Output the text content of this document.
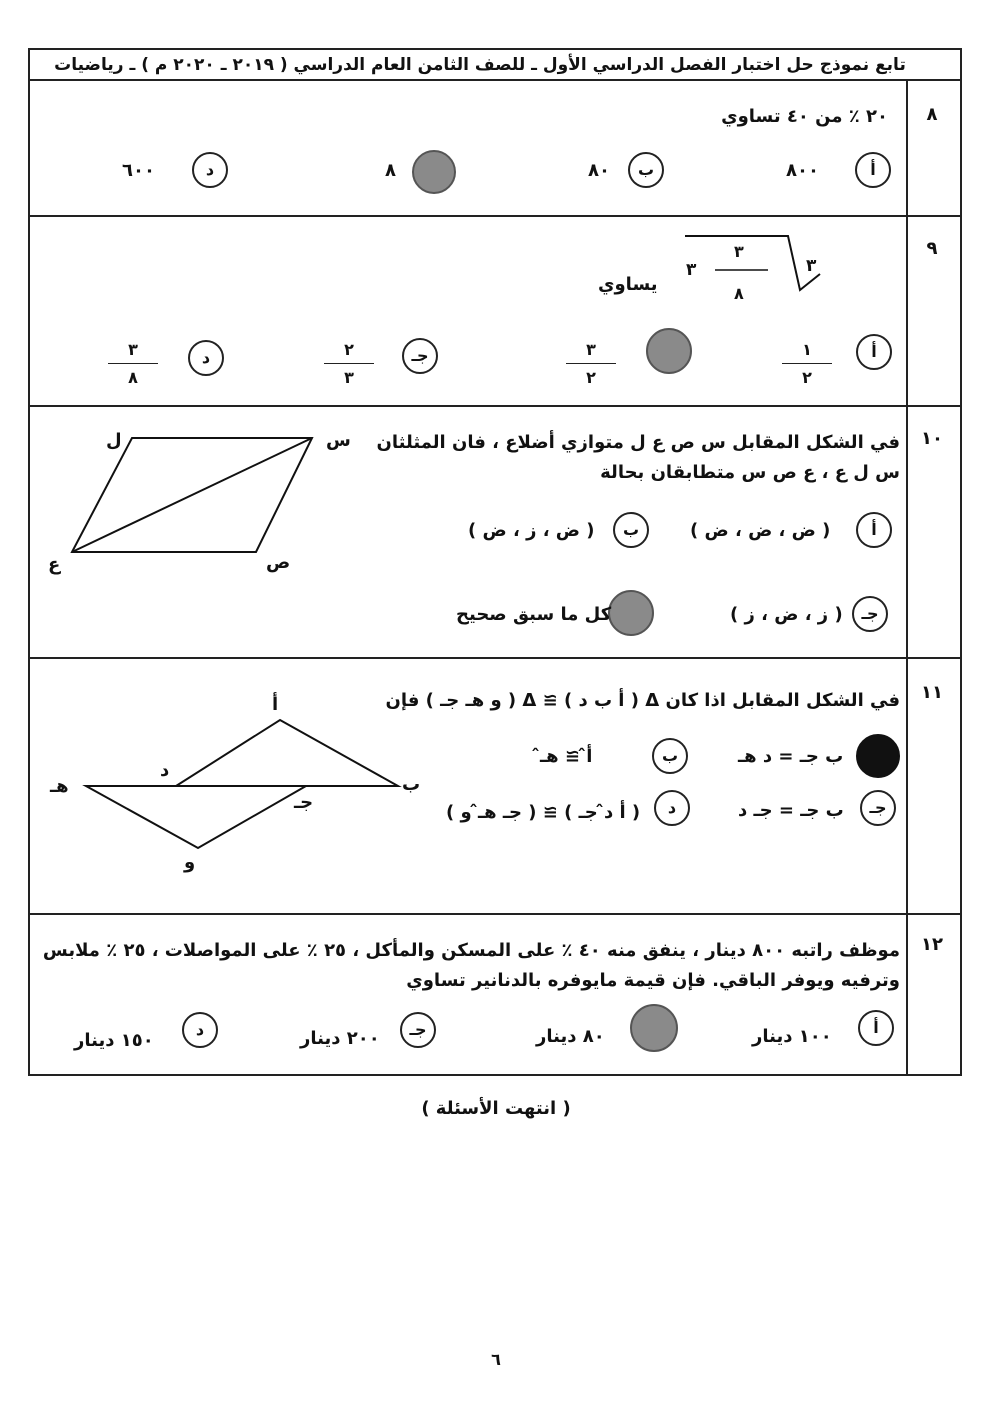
تابع نموذج حل اختبار الفصل الدراسي الأول ـ للصف الثامن العام الدراسي ( ٢٠١٩ ـ ٢٠٢٠ م ) ـ رياضيات
٨
٢٠ ٪ من ٤٠ تساوي
أ
٨٠٠
ب
٨٠
٨
د
٦٠٠
٩
٣
٣
٣
٨
يساوي
أ
١
٢
٣
٢
جـ
٢
٣
د
٣
٨
١٠
في الشكل المقابل س ص ع ل متوازي أضلاع ، فان المثلثان
س ل ع ، ع ص س متطابقان بحالة
س
ل
ع	ص
أ
( ض ، ض ، ض )
ب
( ض ، ز ، ض )
جـ
( ز ، ض ، ز )
كل ما سبق صحيح
١١
في الشكل المقابل اذا كان Δ ( أ ب د ) ≅ Δ ( و هـ جـ ) فإن
أ
د
ب
هـ
جـ
و
ب جـ = د هـ
ب
أ̂ ≅ هـ̂
جـ
ب جـ = جـ د
د
( أ د̂ جـ ) ≅ ( جـ هـ̂ و )
١٢
موظف راتبه ٨٠٠ دينار ، ينفق منه ٤٠ ٪ على المسكن والمأكل ، ٢٥ ٪ على المواصلات ، ٢٥ ٪ ملابس
وترفيه ويوفر الباقي. فإن قيمة مايوفره بالدنانير تساوي
أ
١٠٠ دينار
٨٠ دينار
جـ
٢٠٠ دينار
د
١٥٠ دينار
( انتهت الأسئلة )
٦
